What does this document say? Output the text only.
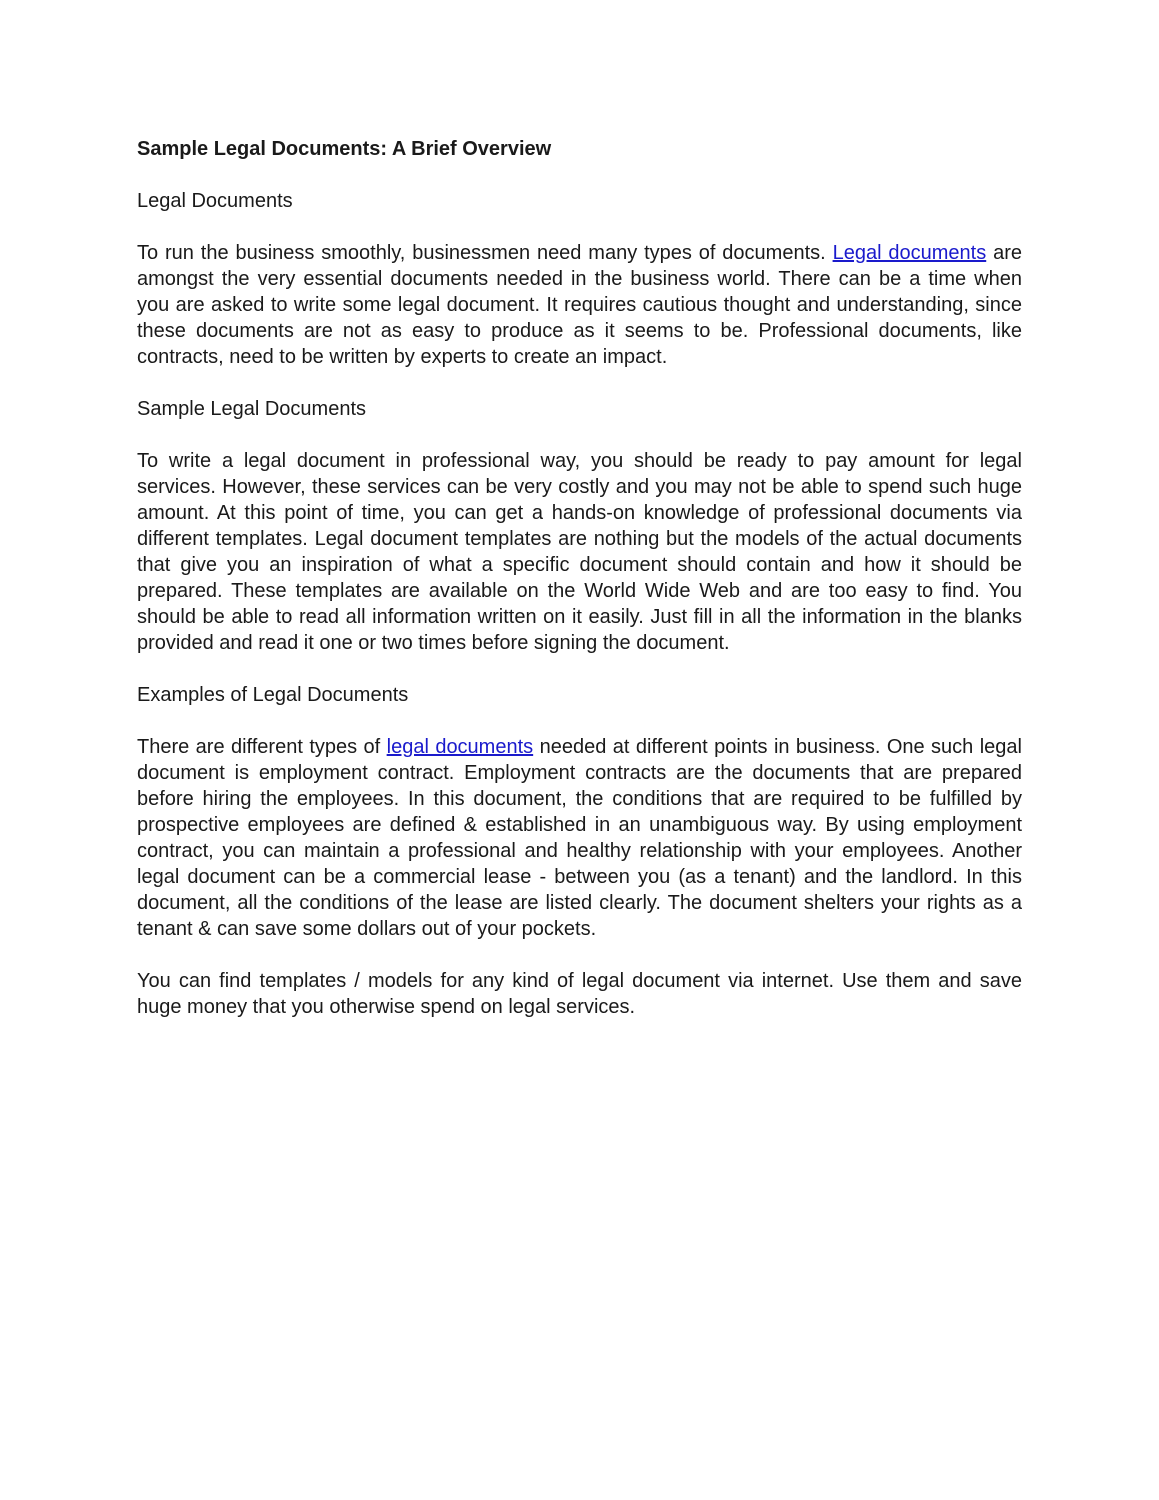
Sample Legal Documents: A Brief Overview
Legal Documents

To run the business smoothly, businessmen need many types of documents. Legal documents are amongst the very essential documents needed in the business world. There can be a time when you are asked to write some legal document. It requires cautious thought and understanding, since these documents are not as easy to produce as it seems to be. Professional documents, like contracts, need to be written by experts to create an impact.

Sample Legal Documents

To write a legal document in professional way, you should be ready to pay amount for legal services. However, these services can be very costly and you may not be able to spend such huge amount. At this point of time, you can get a hands-on knowledge of professional documents via different templates. Legal document templates are nothing but the models of the actual documents that give you an inspiration of what a specific document should contain and how it should be prepared. These templates are available on the World Wide Web and are too easy to find. You should be able to read all information written on it easily. Just fill in all the information in the blanks provided and read it one or two times before signing the document.

Examples of Legal Documents

There are different types of legal documents needed at different points in business. One such legal document is employment contract. Employment contracts are the documents that are prepared before hiring the employees. In this document, the conditions that are required to be fulfilled by prospective employees are defined & established in an unambiguous way. By using employment contract, you can maintain a professional and healthy relationship with your employees. Another legal document can be a commercial lease - between you (as a tenant) and the landlord. In this document, all the conditions of the lease are listed clearly. The document shelters your rights as a tenant & can save some dollars out of your pockets.

You can find templates / models for any kind of legal document via internet. Use them and save huge money that you otherwise spend on legal services.
